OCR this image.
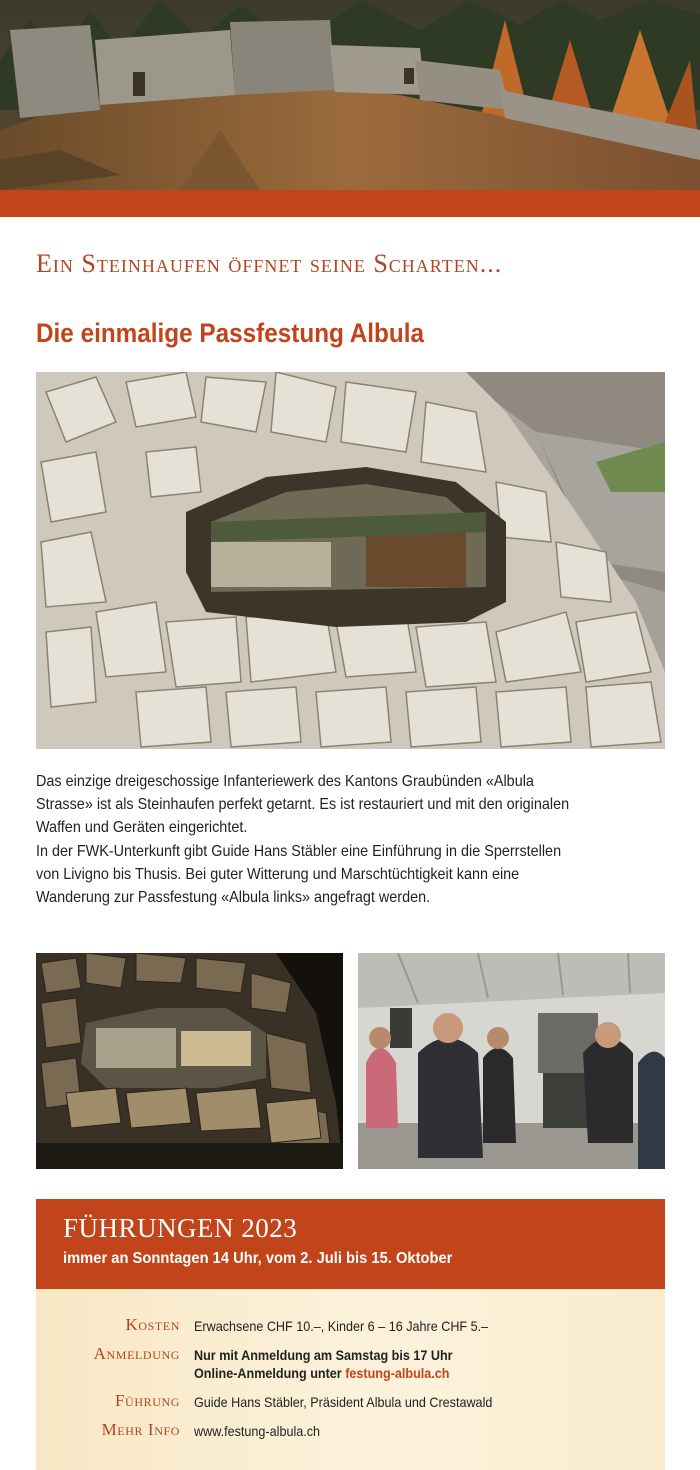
Ein Steinhaufen öffnet seine Scharten...
Die einmalige Passfestung Albula

Das einzige dreigeschossige Infanteriewerk des Kantons Graubünden «Albula

Strasse» ist als Steinhaufen perfekt getarnt. Es ist restauriert und mit den originalen

Waffen und Geräten eingerichtet.

In der FWK-Unterkunft gibt Guide Hans Stäbler eine Einführung in die Sperrstellen

von Livigno bis Thusis. Bei guter Witterung und Marschtüchtigkeit kann eine

Wanderung zur Passfestung «Albula links» angefragt werden.

FÜHRUNGEN 2023
immer an Sonntagen 14 Uhr, vom 2. Juli bis 15. Oktober
Kosten Erwachsene CHF 10.–, Kinder 6 – 16 Jahre CHF 5.–
Anmeldung Nur mit Anmeldung am Samstag bis 17 Uhr
Online-Anmeldung unter festung-albula.ch
Führung Guide Hans Stäbler, Präsident Albula und Crestawald
Mehr Info www.festung-albula.ch
